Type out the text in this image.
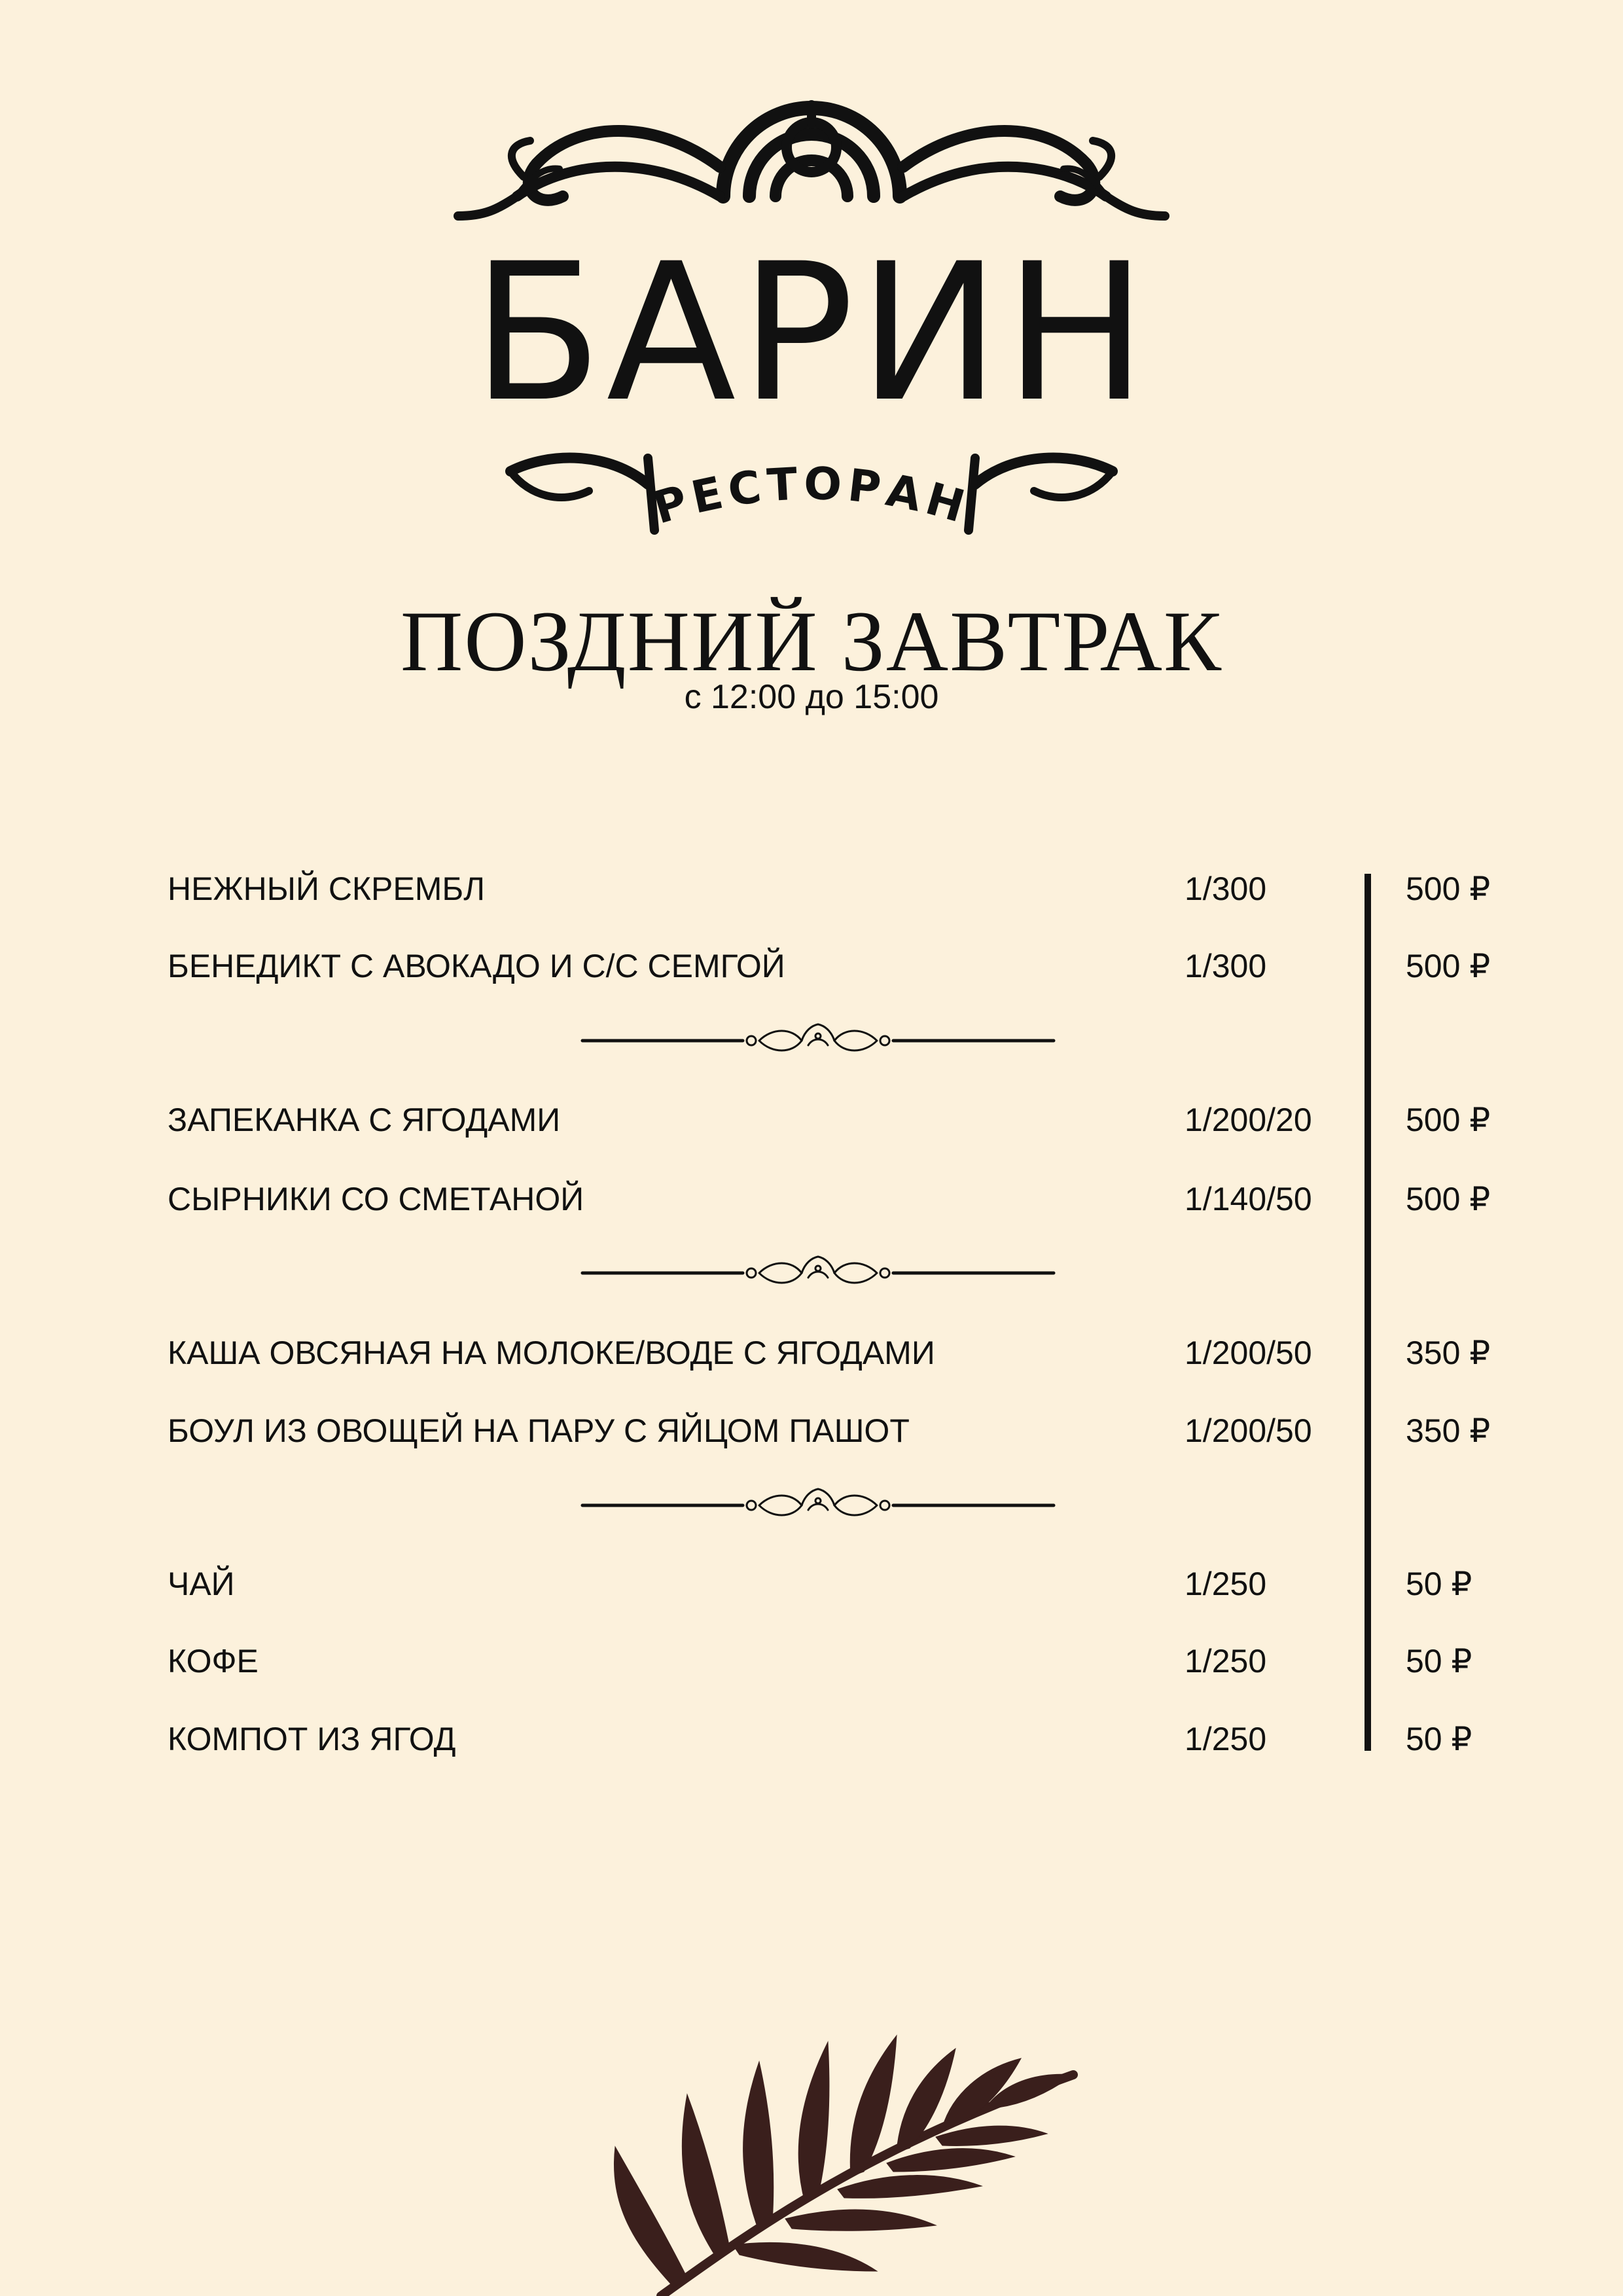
БАРИН
РЕСТОРАН
ПОЗДНИЙ ЗАВТРАК
с 12:00 до 15:00
НЕЖНЫЙ СКРЕМБЛ	1/300	500 ₽
БЕНЕДИКТ С АВОКАДО И С/С СЕМГОЙ	1/300	500 ₽
ЗАПЕКАНКА С ЯГОДАМИ	1/200/20	500 ₽
СЫРНИКИ СО СМЕТАНОЙ	1/140/50	500 ₽
КАША ОВСЯНАЯ НА МОЛОКЕ/ВОДЕ С ЯГОДАМИ	1/200/50	350 ₽
БОУЛ ИЗ ОВОЩЕЙ НА ПАРУ С ЯЙЦОМ ПАШОТ	1/200/50	350 ₽
ЧАЙ	1/250	50 ₽
КОФЕ	1/250	50 ₽
КОМПОТ ИЗ ЯГОД	1/250	50 ₽
